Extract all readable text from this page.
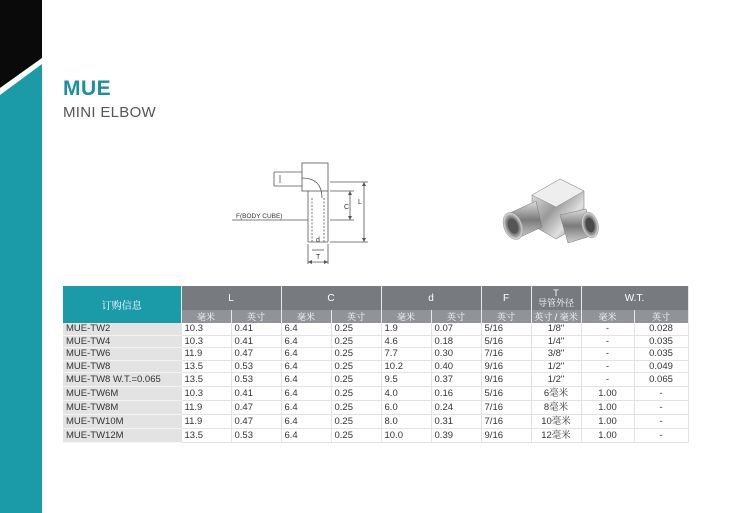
MUE
MINI ELBOW
F(BODY CUBE)
C
L
d
T
订购信息	L		C		d		F	T
导管外径	W.T.	
	毫米	英寸	毫米	英寸	毫米	英寸	英寸	英寸 / 毫米	毫米	英寸
MUE-TW2	10.3	0.41	6.4	0.25	1.9	0.07	5/16	1/8"	-	0.028
MUE-TW4	10.3	0.41	6.4	0.25	4.6	0.18	5/16	1/4"	-	0.035
MUE-TW6	11.9	0.47	6.4	0.25	7.7	0.30	7/16	3/8"	-	0.035
MUE-TW8	13.5	0.53	6.4	0.25	10.2	0.40	9/16	1/2"	-	0.049
MUE-TW8 W.T.=0.065	13.5	0.53	6.4	0.25	9.5	0.37	9/16	1/2"	-	0.065
MUE-TW6M	10.3	0.41	6.4	0.25	4.0	0.16	5/16	6毫米	1.00	-
MUE-TW8M	11.9	0.47	6.4	0.25	6.0	0.24	7/16	8毫米	1.00	-
MUE-TW10M	11.9	0.47	6.4	0.25	8.0	0.31	7/16	10毫米	1.00	-
MUE-TW12M	13.5	0.53	6.4	0.25	10.0	0.39	9/16	12毫米	1.00	-
